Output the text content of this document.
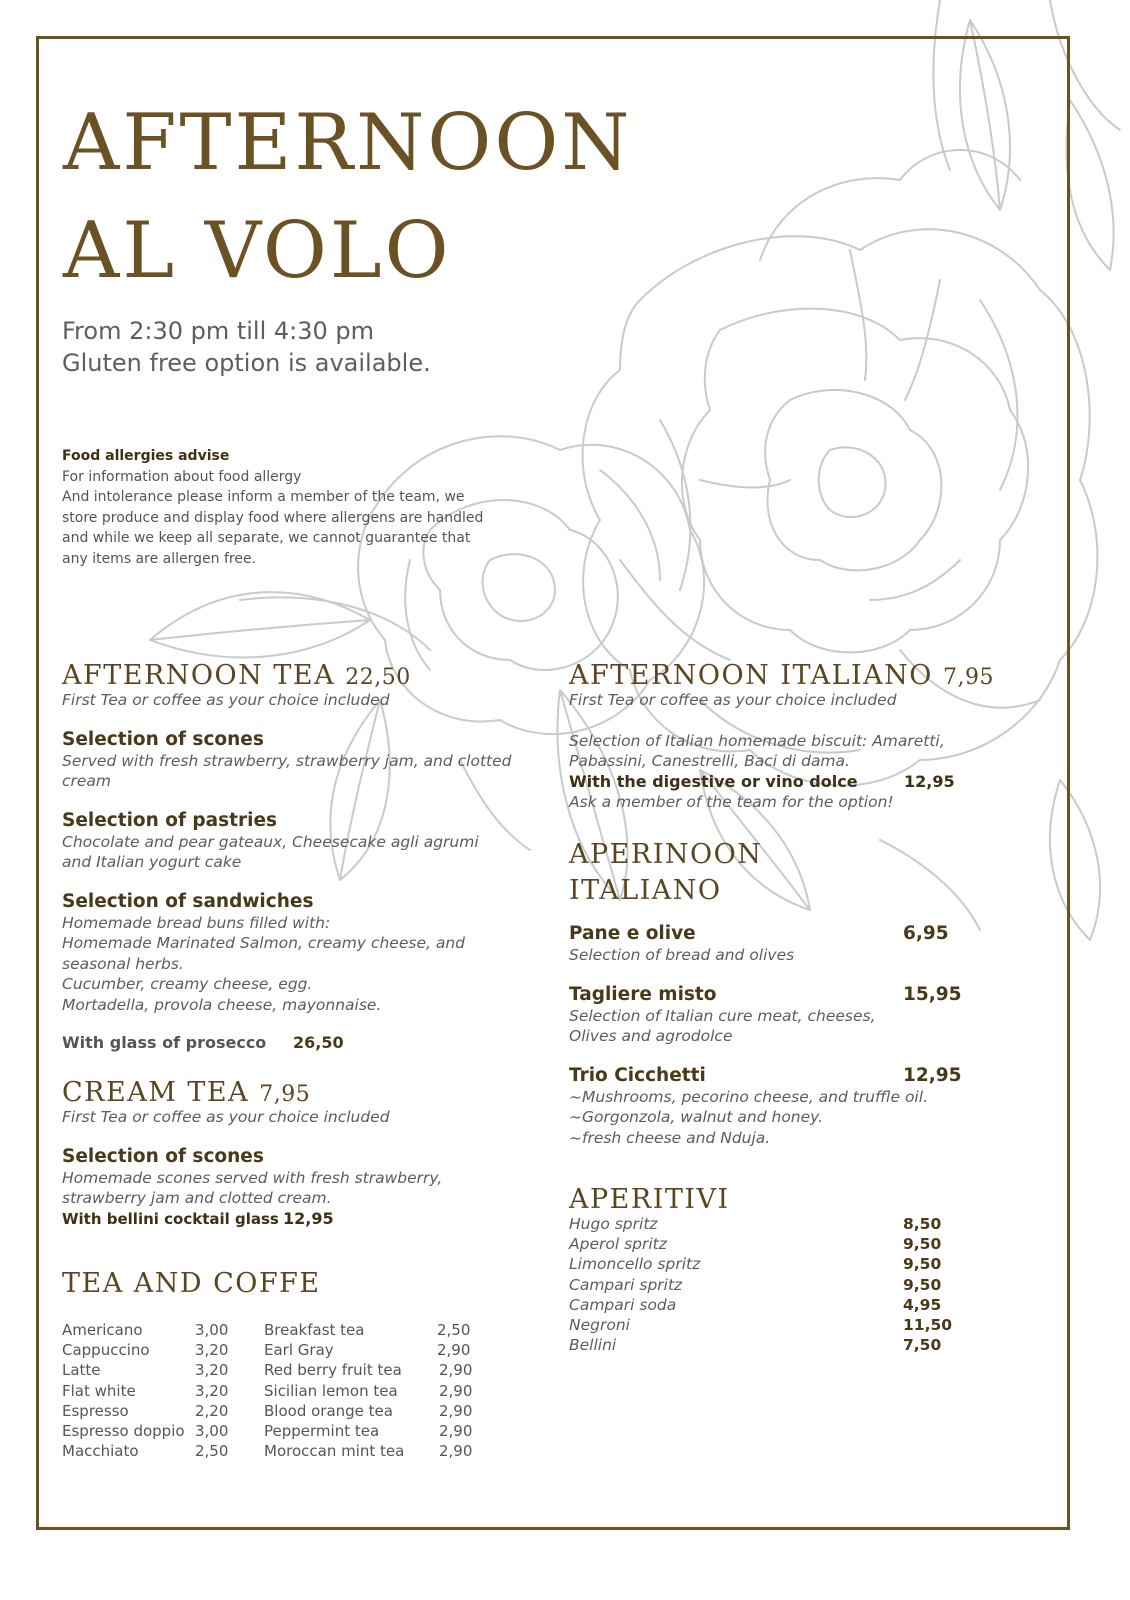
AFTERNOON
AL VOLO
From 2:30 pm till 4:30 pm
Gluten free option is available.
Food allergies advise
For information about food allergy
And intolerance please inform a member of the team, we
store produce and display food where allergens are handled
and while we keep all separate, we cannot guarantee that
any items are allergen free.
AFTERNOON TEA 22,50
First Tea or coffee as your choice included
Selection of scones
Served with fresh strawberry, strawberry jam, and clotted
cream
Selection of pastries
Chocolate and pear gateaux, Cheesecake agli agrumi
and Italian yogurt cake
Selection of sandwiches
Homemade bread buns filled with:
Homemade Marinated Salmon, creamy cheese, and
seasonal herbs.
Cucumber, creamy cheese, egg.
Mortadella, provola cheese, mayonnaise.
With glass of prosecco 26,50
CREAM TEA 7,95
First Tea or coffee as your choice included
Selection of scones
Homemade scones served with fresh strawberry,
strawberry jam and clotted cream.
With bellini cocktail glass 12,95
TEA AND COFFE
Americano	3,00
Cappuccino	3,20
Latte	3,20
Flat white	3,20
Espresso	2,20
Espresso doppio 3,00
Macchiato	2,50
Breakfast tea	2,50
Earl Gray	2,90
Red berry fruit tea 2,90
Sicilian lemon tea	2,90
Blood orange tea	2,90
Peppermint tea	2,90
Moroccan mint tea 2,90
AFTERNOON ITALIANO 7,95
First Tea or coffee as your choice included
Selection of Italian homemade biscuit: Amaretti,
Pabassini, Canestrelli, Baci di dama.
With the digestive or vino dolce	12,95
Ask a member of the team for the option!
APERINOON
ITALIANO
Pane e olive	6,95
Selection of bread and olives
Tagliere misto	15,95
Selection of Italian cure meat, cheeses,
Olives and agrodolce
Trio Cicchetti	12,95
~Mushrooms, pecorino cheese, and truffle oil.
~Gorgonzola, walnut and honey.
~fresh cheese and Nduja.
APERITIVI
Hugo spritz	8,50
Aperol spritz	9,50
Limoncello spritz	9,50
Campari spritz	9,50
Campari soda	4,95
Negroni	11,50
Bellini	7,50
